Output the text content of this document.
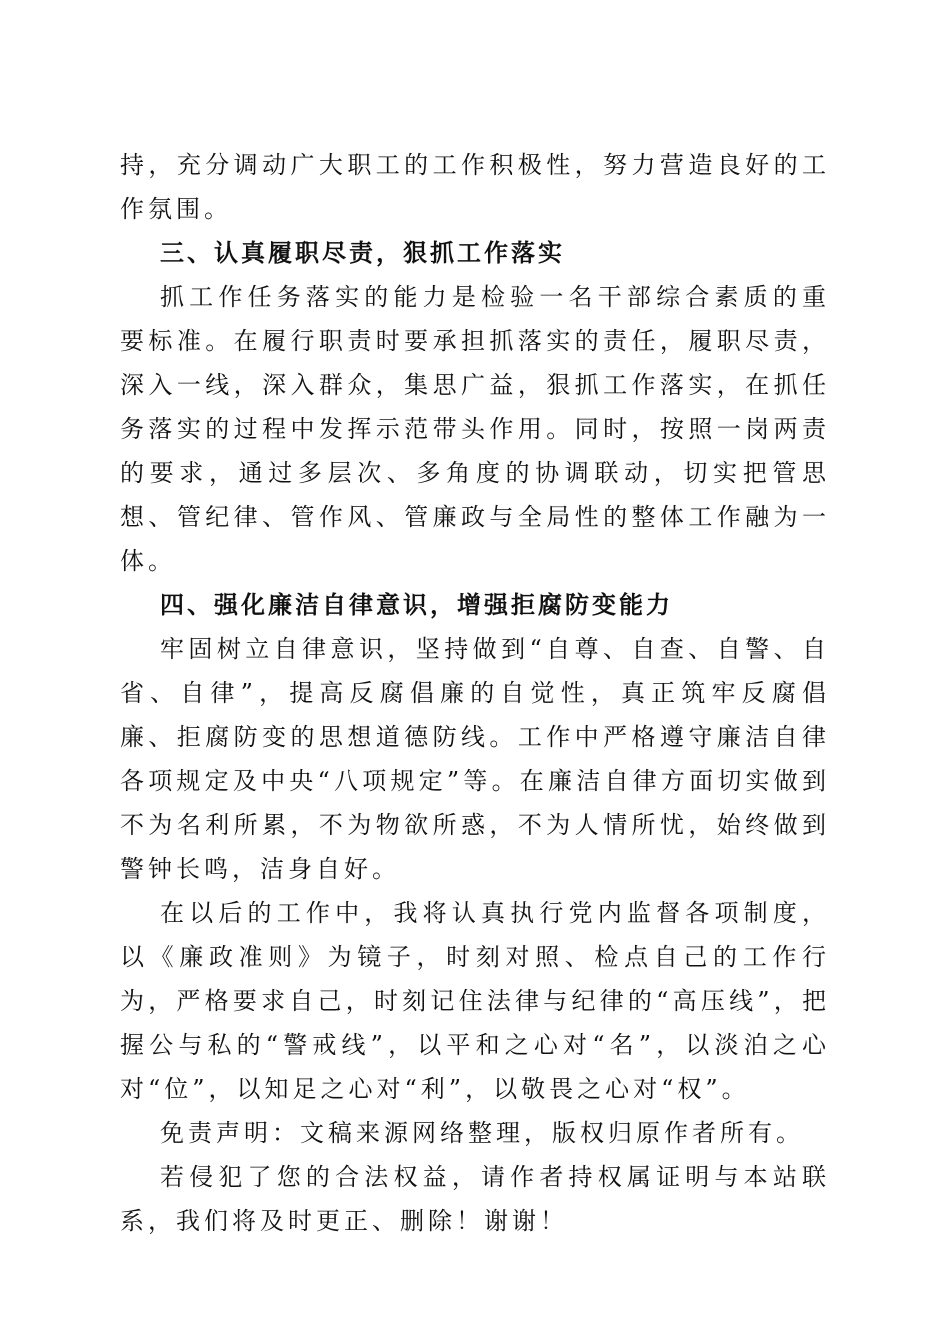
持，充分调动广大职工的工作积极性，努力营造良好的工作氛围。

三、认真履职尽责，狠抓工作落实

抓工作任务落实的能力是检验一名干部综合素质的重要标准。在履行职责时要承担抓落实的责任，履职尽责，深入一线，深入群众，集思广益，狠抓工作落实，在抓任务落实的过程中发挥示范带头作用。同时，按照一岗两责的要求，通过多层次、多角度的协调联动，切实把管思想、管纪律、管作风、管廉政与全局性的整体工作融为一体。

四、强化廉洁自律意识，增强拒腐防变能力

牢固树立自律意识，坚持做到“自尊、自查、自警、自省、自律”，提高反腐倡廉的自觉性，真正筑牢反腐倡廉、拒腐防变的思想道德防线。工作中严格遵守廉洁自律各项规定及中央“八项规定”等。在廉洁自律方面切实做到不为名利所累，不为物欲所惑，不为人情所忧，始终做到警钟长鸣，洁身自好。

在以后的工作中，我将认真执行党内监督各项制度，以《廉政准则》为镜子，时刻对照、检点自己的工作行为，严格要求自己，时刻记住法律与纪律的“高压线”，把握公与私的“警戒线”，以平和之心对“名”，以淡泊之心对“位”，以知足之心对“利”，以敬畏之心对“权”。

免责声明：文稿来源网络整理，版权归原作者所有。

若侵犯了您的合法权益，请作者持权属证明与本站联系，我们将及时更正、删除！谢谢！
